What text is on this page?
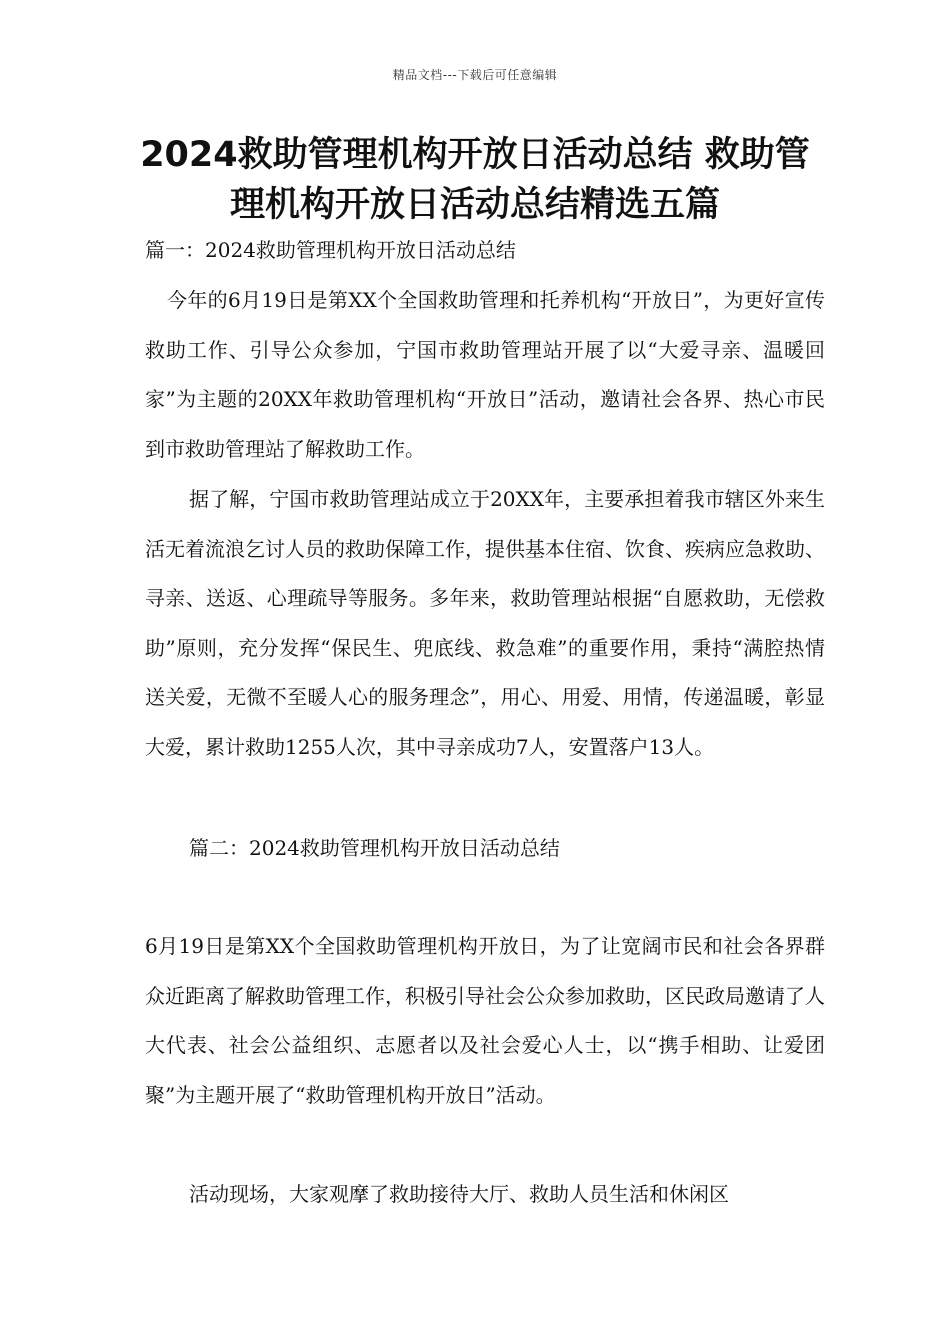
精品文档---下载后可任意编辑
2024救助管理机构开放日活动总结 救助管理机构开放日活动总结精选五篇
篇一：2024救助管理机构开放日活动总结
今年的6月19日是第XX个全国救助管理和托养机构“开放日”，为更好宣传救助工作、引导公众参加，宁国市救助管理站开展了以“大爱寻亲、温暖回家”为主题的20XX年救助管理机构“开放日”活动，邀请社会各界、热心市民到市救助管理站了解救助工作。
据了解，宁国市救助管理站成立于20XX年，主要承担着我市辖区外来生活无着流浪乞讨人员的救助保障工作，提供基本住宿、饮食、疾病应急救助、寻亲、送返、心理疏导等服务。多年来，救助管理站根据“自愿救助，无偿救助”原则，充分发挥“保民生、兜底线、救急难”的重要作用，秉持“满腔热情送关爱，无微不至暖人心的服务理念”，用心、用爱、用情，传递温暖，彰显大爱，累计救助1255人次，其中寻亲成功7人，安置落户13人。
篇二：2024救助管理机构开放日活动总结
6月19日是第XX个全国救助管理机构开放日，为了让宽阔市民和社会各界群众近距离了解救助管理工作，积极引导社会公众参加救助，区民政局邀请了人大代表、社会公益组织、志愿者以及社会爱心人士，以“携手相助、让爱团聚”为主题开展了“救助管理机构开放日”活动。
活动现场，大家观摩了救助接待大厅、救助人员生活和休闲区
